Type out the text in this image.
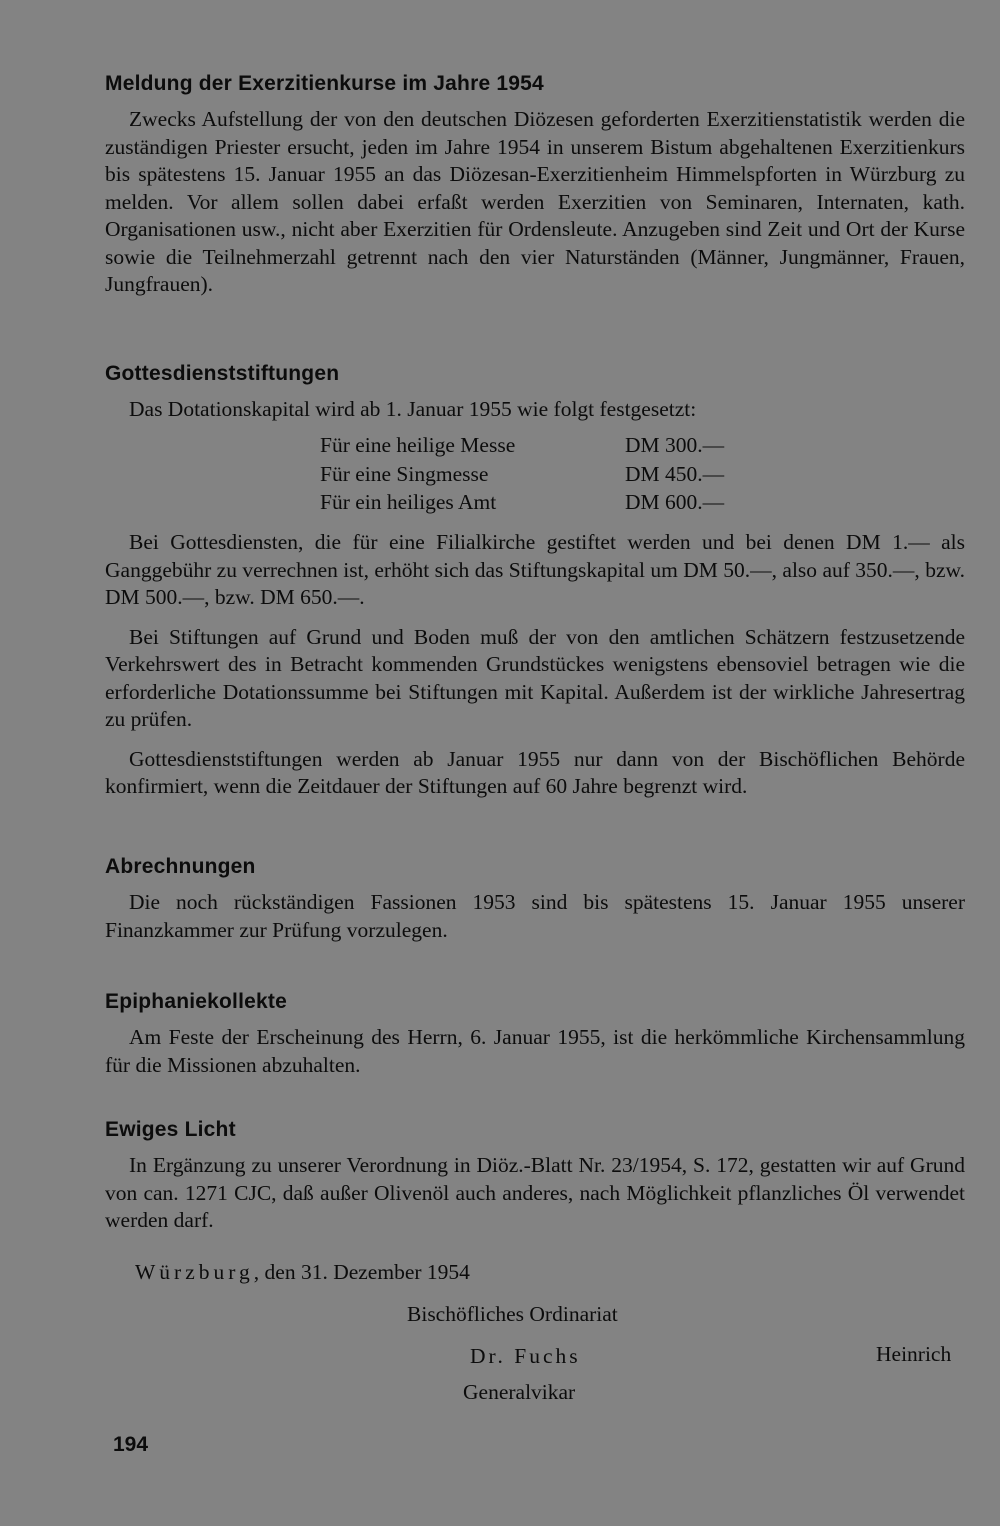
Meldung der Exerzitienkurse im Jahre 1954

Zwecks Aufstellung der von den deutschen Diözesen geforderten Exerzitienstatistik werden die zuständigen Priester ersucht, jeden im Jahre 1954 in unserem Bistum abgehaltenen Exerzitienkurs bis spätestens 15. Januar 1955 an das Diözesan-Exerzitienheim Himmelspforten in Würzburg zu melden. Vor allem sollen dabei erfaßt werden Exerzitien von Seminaren, Internaten, kath. Organisationen usw., nicht aber Exerzitien für Ordensleute. Anzugeben sind Zeit und Ort der Kurse sowie die Teilnehmerzahl getrennt nach den vier Naturständen (Männer, Jungmänner, Frauen, Jungfrauen).

Gottesdienststiftungen

Das Dotationskapital wird ab 1. Januar 1955 wie folgt festgesetzt:

Für eine heilige Messe	DM 300.—
Für eine Singmesse	DM 450.—
Für ein heiliges Amt	DM 600.—

Bei Gottesdiensten, die für eine Filialkirche gestiftet werden und bei denen DM 1.— als Ganggebühr zu verrechnen ist, erhöht sich das Stiftungskapital um DM 50.—, also auf 350.—, bzw. DM 500.—, bzw. DM 650.—.

Bei Stiftungen auf Grund und Boden muß der von den amtlichen Schätzern festzusetzende Verkehrswert des in Betracht kommenden Grundstückes wenigstens ebensoviel betragen wie die erforderliche Dotationssumme bei Stiftungen mit Kapital. Außerdem ist der wirkliche Jahresertrag zu prüfen.

Gottesdienststiftungen werden ab Januar 1955 nur dann von der Bischöflichen Behörde konfirmiert, wenn die Zeitdauer der Stiftungen auf 60 Jahre begrenzt wird.

Abrechnungen

Die noch rückständigen Fassionen 1953 sind bis spätestens 15. Januar 1955 unserer Finanzkammer zur Prüfung vorzulegen.

Epiphaniekollekte

Am Feste der Erscheinung des Herrn, 6. Januar 1955, ist die herkömmliche Kirchensammlung für die Missionen abzuhalten.

Ewiges Licht

In Ergänzung zu unserer Verordnung in Diöz.-Blatt Nr. 23/1954, S. 172, gestatten wir auf Grund von can. 1271 CJC, daß außer Olivenöl auch anderes, nach Möglichkeit pflanzliches Öl verwendet werden darf.

Würzburg, den 31. Dezember 1954
Bischöfliches Ordinariat
Dr. Fuchs	Heinrich
Generalvikar
194
